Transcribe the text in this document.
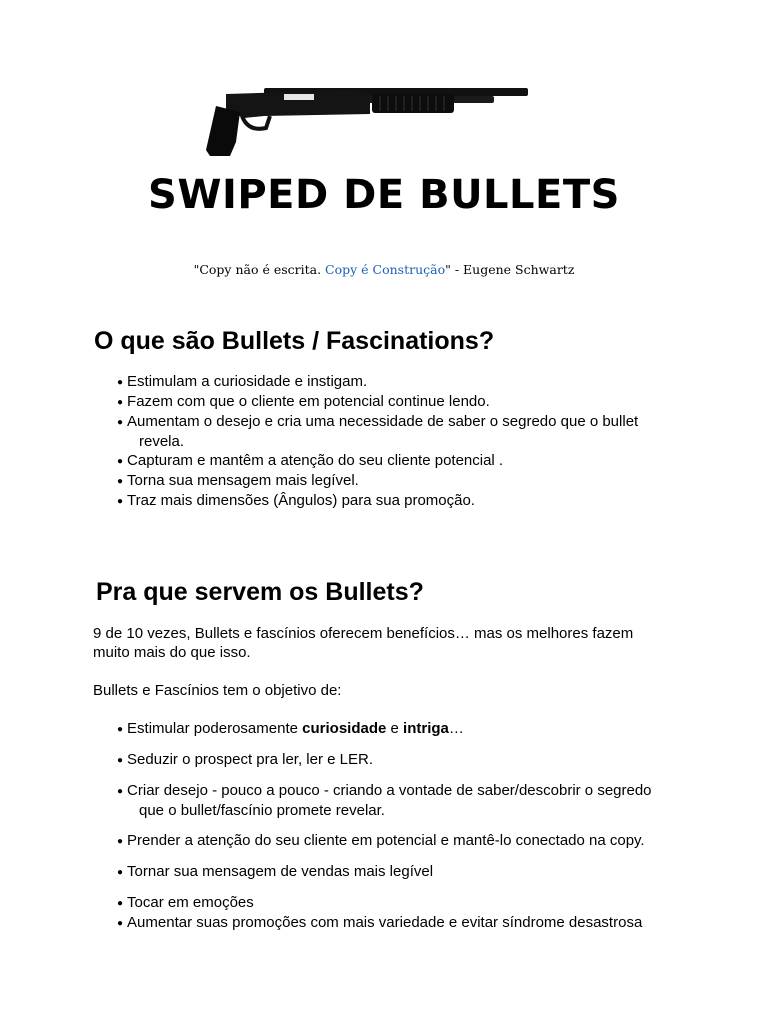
SWIPED DE BULLETS
"Copy não é escrita. Copy é Construção" - Eugene Schwartz
O que são Bullets / Fascinations?
● Estimulam a curiosidade e instigam.
● Fazem com que o cliente em potencial continue lendo.
● Aumentam o desejo e cria uma necessidade de saber o segredo que o bullet
revela.
● Capturam e mantêm a atenção do seu cliente potencial .
● Torna sua mensagem mais legível.
● Traz mais dimensões (Ângulos) para sua promoção.
Pra que servem os Bullets?

9 de 10 vezes, Bullets e fascínios oferecem benefícios… mas os melhores fazem muito mais do que isso.

Bullets e Fascínios tem o objetivo de:

● Estimular poderosamente curiosidade e intriga…
● Seduzir o prospect pra ler, ler e LER.
● Criar desejo - pouco a pouco - criando a vontade de saber/descobrir o segredo
que o bullet/fascínio promete revelar.
● Prender a atenção do seu cliente em potencial e mantê-lo conectado na copy.
● Tornar sua mensagem de vendas mais legível
● Tocar em emoções
● Aumentar suas promoções com mais variedade e evitar síndrome desastrosa
